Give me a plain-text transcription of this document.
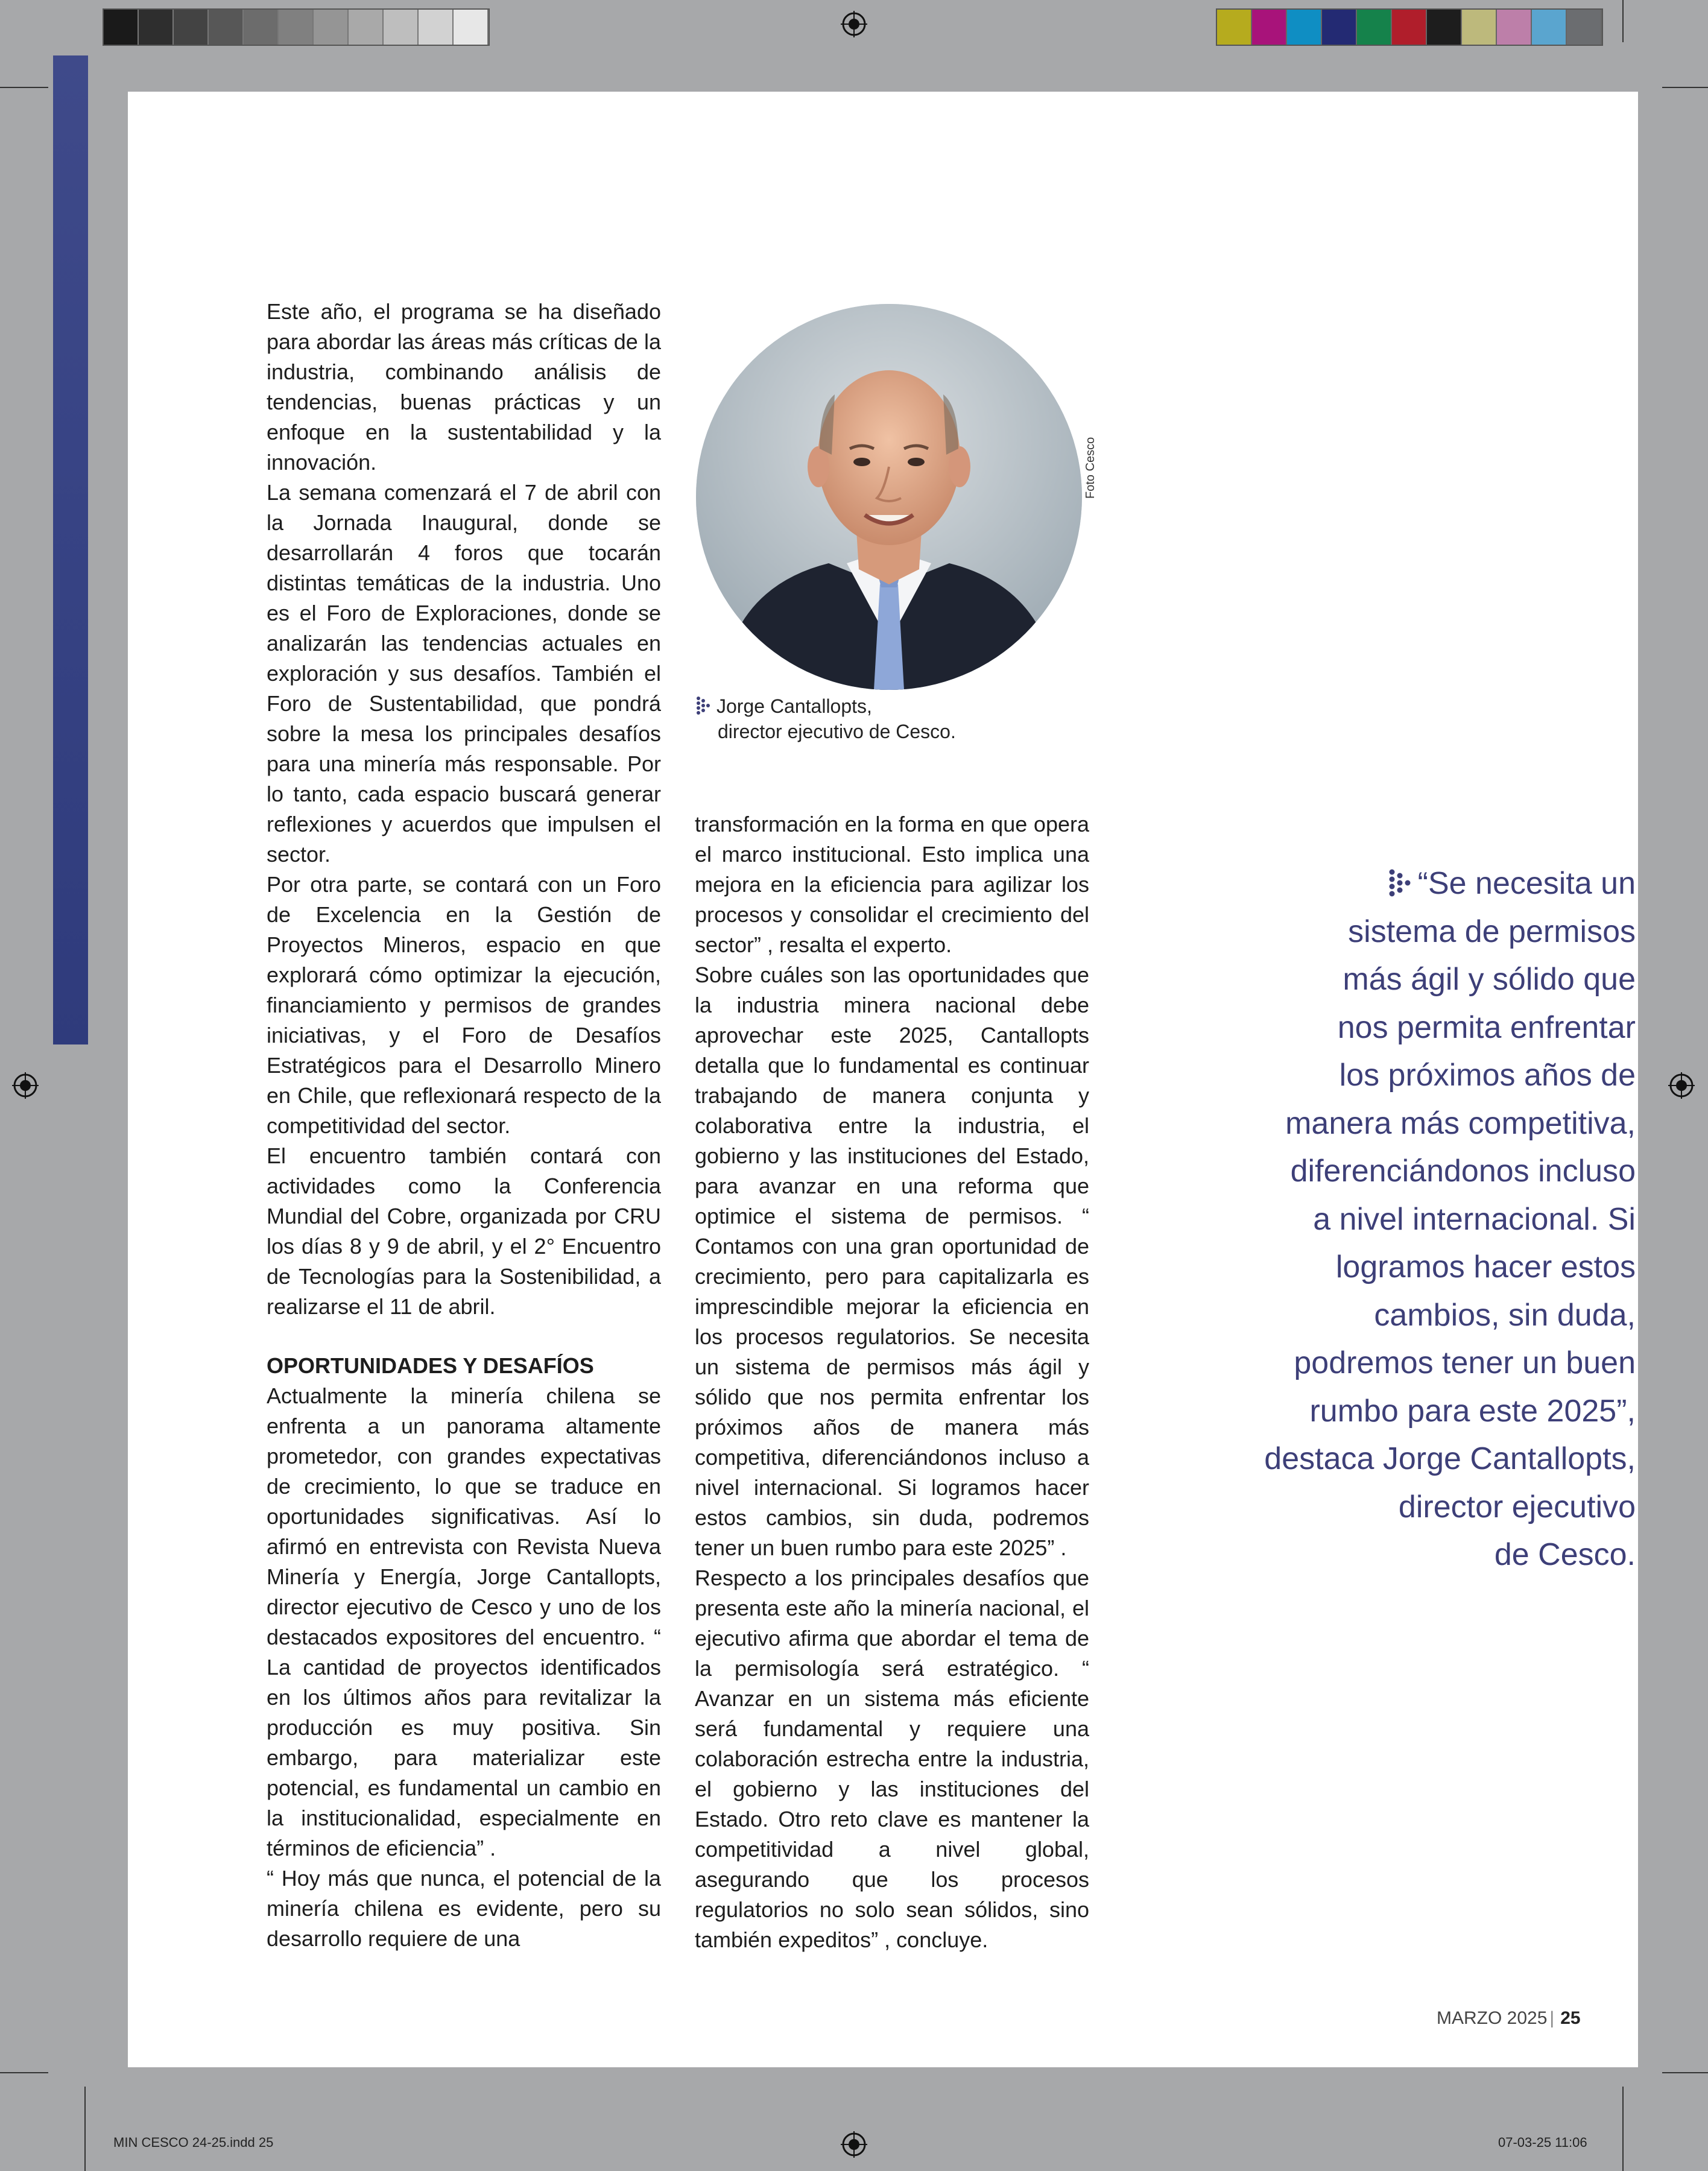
MIN CESCO 24-25.indd 25	07-03-25 11:06

Este año, el programa se ha diseñado para abordar las áreas más críticas de la industria, combinando análisis de tendencias, buenas prácticas y un enfoque en la sustentabilidad y la innovación.

La semana comenzará el 7 de abril con la Jornada Inaugural, donde se desarrollarán 4 foros que tocarán distintas temáticas de la industria. Uno es el Foro de Exploraciones, donde se analizarán las tendencias actuales en exploración y sus desafíos. También el Foro de Sustentabilidad, que pondrá sobre la mesa los principales desafíos para una minería más responsable. Por lo tanto, cada espacio buscará generar reflexiones y acuerdos que impulsen el sector.

Por otra parte, se contará con un Foro de Excelencia en la Gestión de Proyectos Mineros, espacio en que explorará cómo optimizar la ejecución, financiamiento y permisos de grandes iniciativas, y el Foro de Desafíos Estratégicos para el Desarrollo Minero en Chile, que reflexionará respecto de la competitividad del sector.

El encuentro también contará con actividades como la Conferencia Mundial del Cobre, organizada por CRU los días 8 y 9 de abril, y el 2° Encuentro de Tecnologías para la Sostenibilidad, a realizarse el 11 de abril.

OPORTUNIDADES Y DESAFÍOS

Actualmente la minería chilena se enfrenta a un panorama altamente prometedor, con grandes expectativas de crecimiento, lo que se traduce en oportunidades significativas. Así lo afirmó en entrevista con Revista Nueva Minería y Energía, Jorge Cantallopts, director ejecutivo de Cesco y uno de los destacados expositores del encuentro. “ La cantidad de proyectos identificados en los últimos años para revitalizar la producción es muy positiva. Sin embargo, para materializar este potencial, es fundamental un cambio en la institucionalidad, especialmente en términos de eficiencia” .

“ Hoy más que nunca, el potencial de la minería chilena es evidente, pero su desarrollo requiere de una

Foto Cesco
Jorge Cantallopts,
director ejecutivo de Cesco.

transformación en la forma en que opera el marco institucional. Esto implica una mejora en la eficiencia para agilizar los procesos y consolidar el crecimiento del sector” , resalta el experto.

Sobre cuáles son las oportunidades que la industria minera nacional debe aprovechar este 2025, Cantallopts detalla que lo fundamental es continuar trabajando de manera conjunta y colaborativa entre la industria, el gobierno y las instituciones del Estado, para avanzar en una reforma que optimice el sistema de permisos. “ Contamos con una gran oportunidad de crecimiento, pero para capitalizarla es imprescindible mejorar la eficiencia en los procesos regulatorios. Se necesita un sistema de permisos más ágil y sólido que nos permita enfrentar los próximos años de manera más competitiva, diferenciándonos incluso a nivel internacional. Si logramos hacer estos cambios, sin duda, podremos tener un buen rumbo para este 2025” .

Respecto a los principales desafíos que presenta este año la minería nacional, el ejecutivo afirma que abordar el tema de la permisología será estratégico. “ Avanzar en un sistema más eficiente será fundamental y requiere una colaboración estrecha entre la industria, el gobierno y las instituciones del Estado. Otro reto clave es mantener la competitividad a nivel global, asegurando que los procesos regulatorios no solo sean sólidos, sino también expeditos” , concluye.

“Se necesita un
sistema de permisos
más ágil y sólido que
nos permita enfrentar
los próximos años de
manera más competitiva,
diferenciándonos incluso
a nivel internacional. Si
logramos hacer estos
cambios, sin duda,
podremos tener un buen
rumbo para este 2025”,
destaca Jorge Cantallopts,
director ejecutivo
de Cesco.
MARZO 2025 | 25
